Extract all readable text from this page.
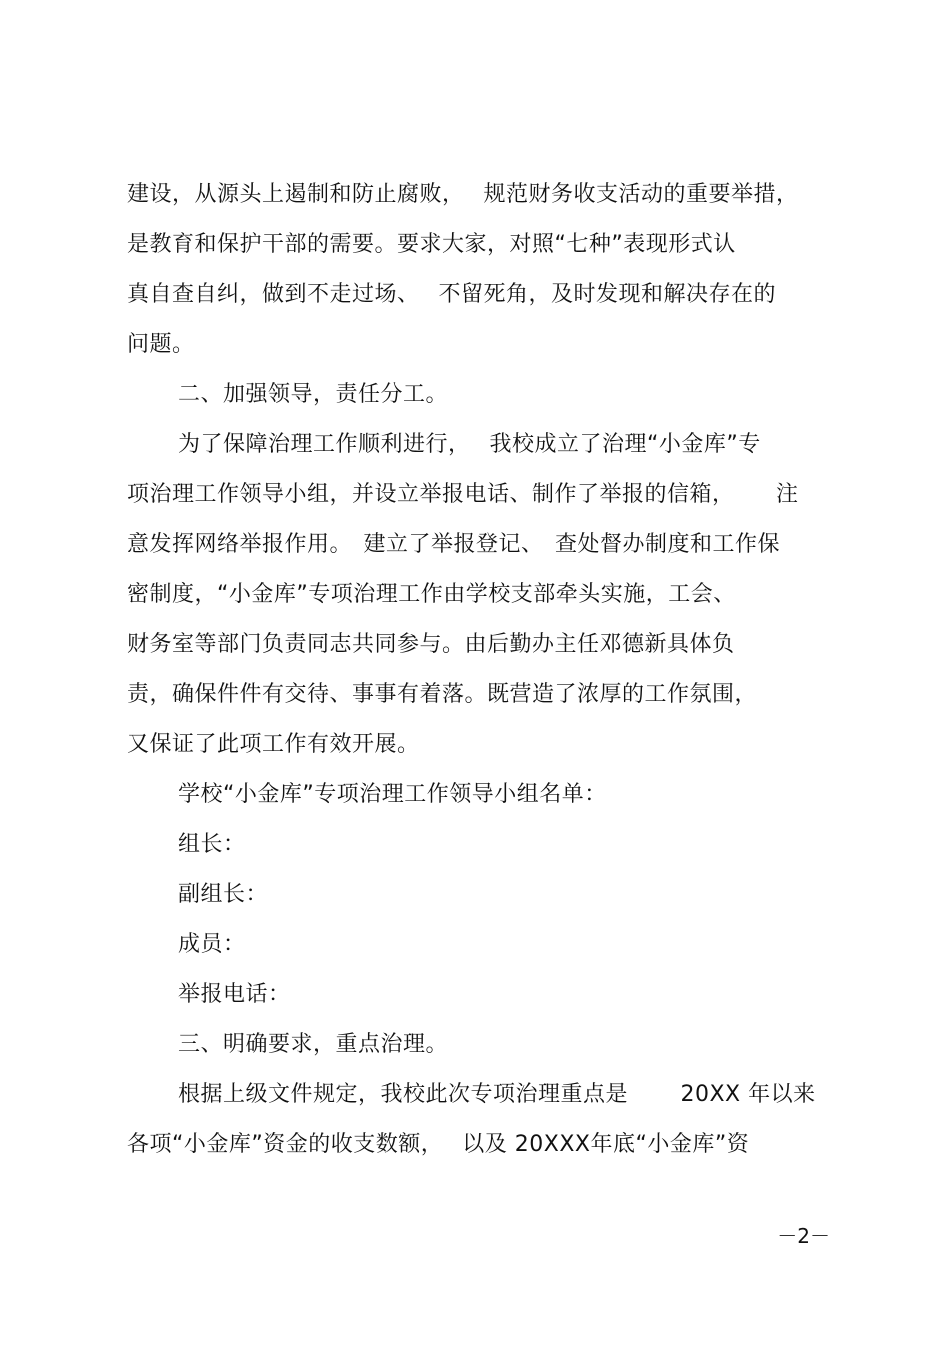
建设，从源头上遏制和防止腐败，　 规范财务收支活动的重要举措，
是教育和保护干部的需要。要求大家，对照“七种”表现形式认
真自查自纠，做到不走过场、　 不留死角，及时发现和解决存在的
问题。
二、加强领导，责任分工。
为了保障治理工作顺利进行，　 我校成立了治理“小金库”专
项治理工作领导小组，并设立举报电话、制作了举报的信箱，　　 注
意发挥网络举报作用。　建立了举报登记、　查处督办制度和工作保
密制度，“小金库”专项治理工作由学校支部牵头实施，工会、
财务室等部门负责同志共同参与。由后勤办主任邓德新具体负
责，确保件件有交待、事事有着落。既营造了浓厚的工作氛围，
又保证了此项工作有效开展。
学校“小金库”专项治理工作领导小组名单：
组长：
副组长：
成员：
举报电话：
三、明确要求，重点治理。
根据上级文件规定，我校此次专项治理重点是　　 20XX 年以来
各项“小金库”资金的收支数额，　 以及 20XXX年底“小金库”资
－2－
